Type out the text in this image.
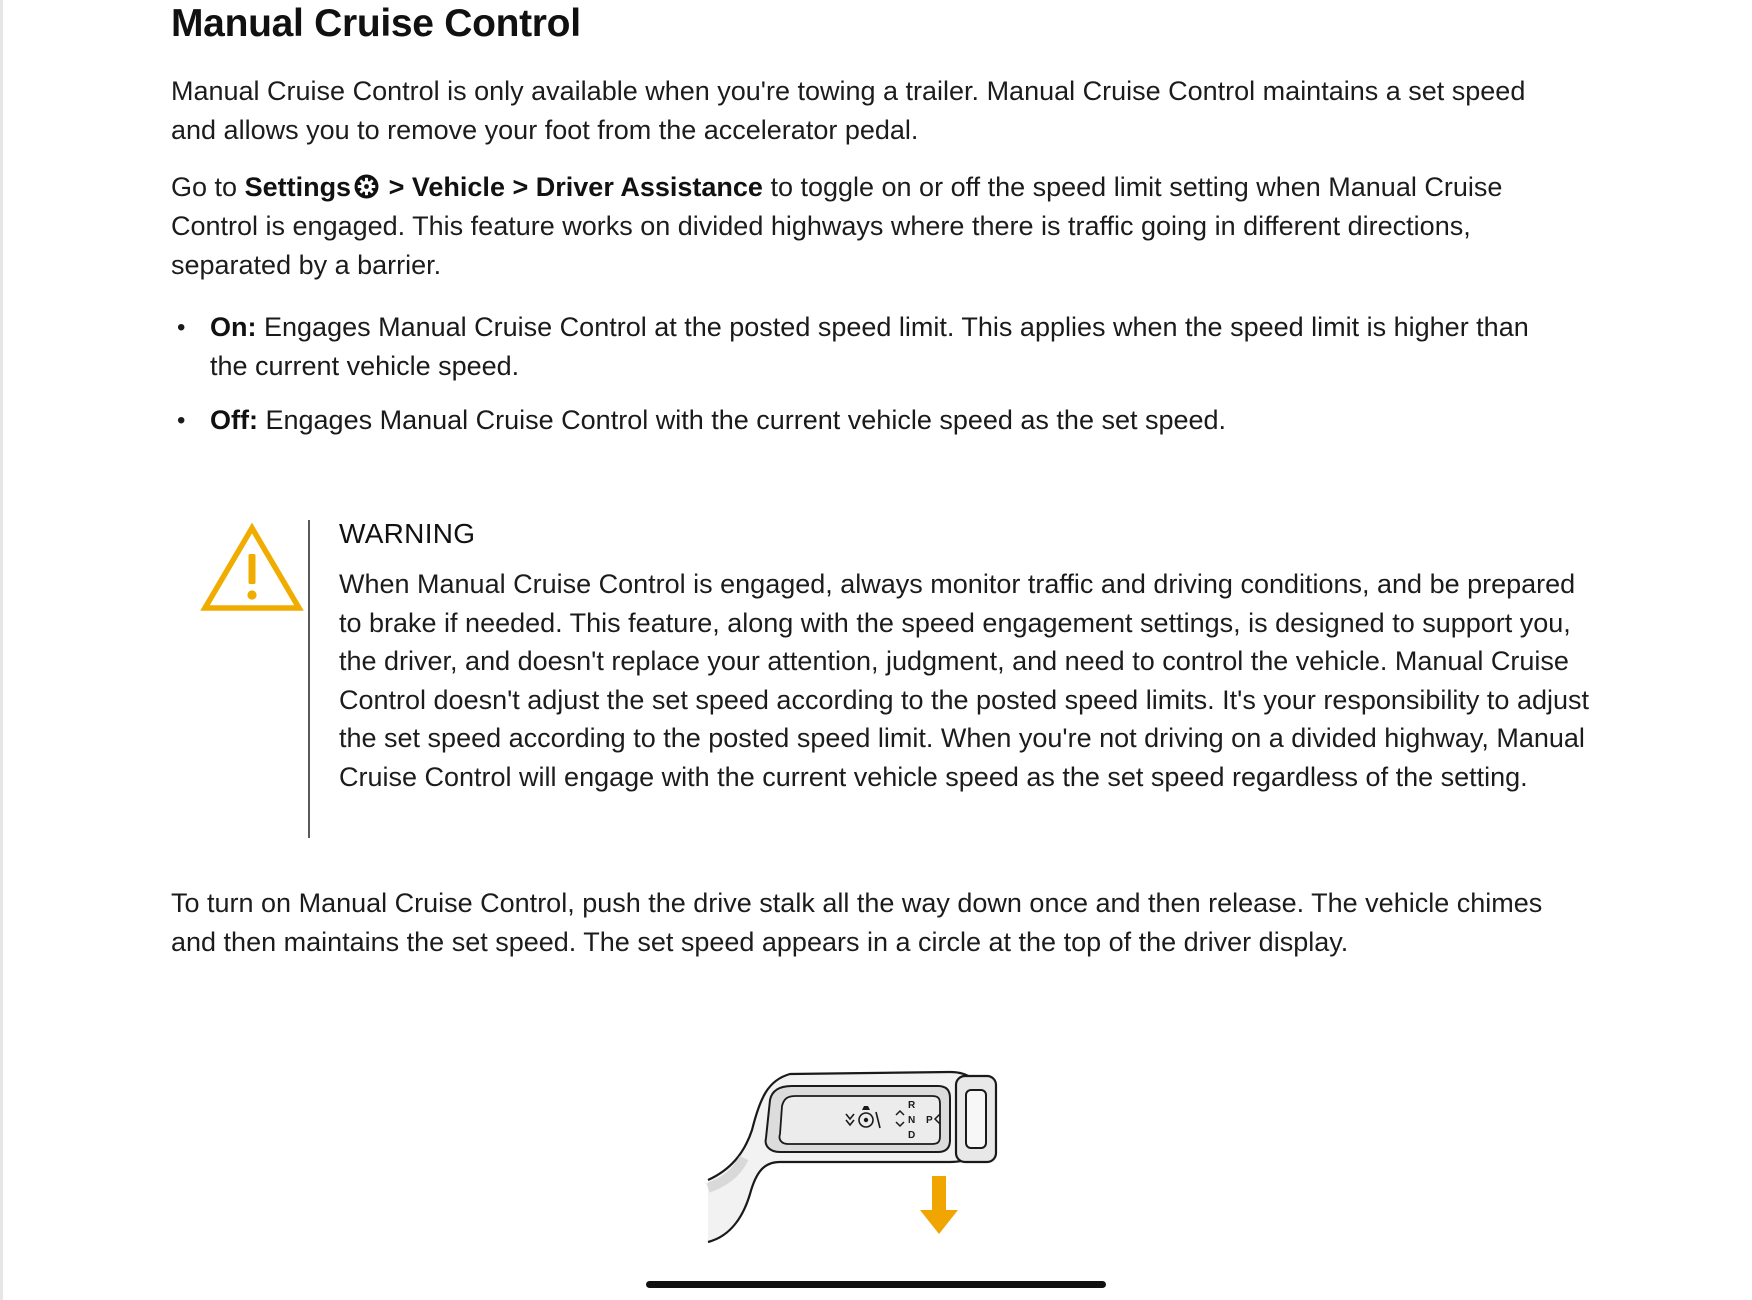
Manual Cruise Control

Manual Cruise Control is only available when you're towing a trailer. Manual Cruise Control maintains a set speed and allows you to remove your foot from the accelerator pedal.

Go to Settings > Vehicle > Driver Assistance to toggle on or off the speed limit setting when Manual Cruise Control is engaged. This feature works on divided highways where there is traffic going in different directions, separated by a barrier.

• On: Engages Manual Cruise Control at the posted speed limit. This applies when the speed limit is higher than the current vehicle speed.
• Off: Engages Manual Cruise Control with the current vehicle speed as the set speed.
WARNING

When Manual Cruise Control is engaged, always monitor traffic and driving conditions, and be prepared to brake if needed. This feature, along with the speed engagement settings, is designed to support you, the driver, and doesn't replace your attention, judgment, and need to control the vehicle. Manual Cruise Control doesn't adjust the set speed according to the posted speed limits. It's your responsibility to adjust the set speed according to the posted speed limit. When you're not driving on a divided highway, Manual Cruise Control will engage with the current vehicle speed as the set speed regardless of the setting.

To turn on Manual Cruise Control, push the drive stalk all the way down once and then release. The vehicle chimes and then maintains the set speed. The set speed appears in a circle at the top of the driver display.

R
N
D
P
